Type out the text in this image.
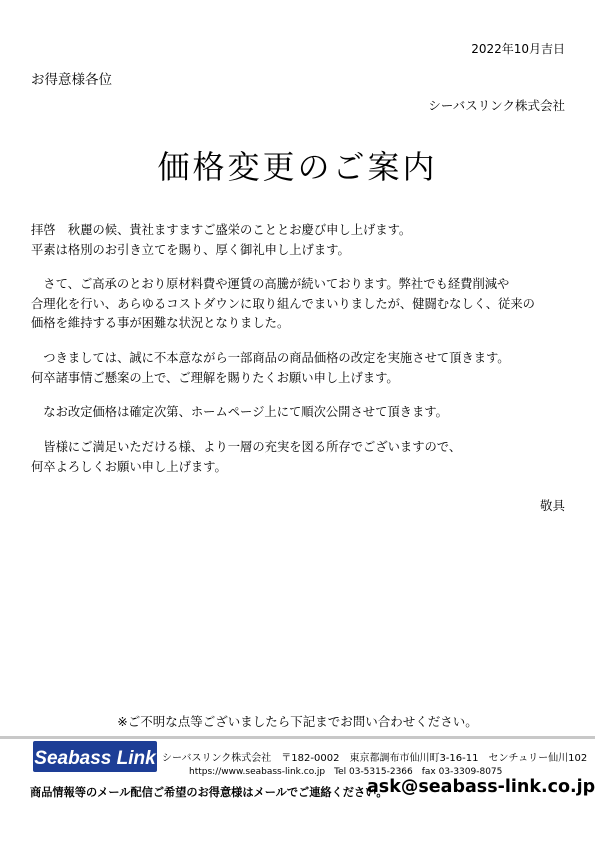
2022年10月吉日
お得意様各位
シーバスリンク株式会社
価格変更のご案内

拝啓　秋麗の候、貴社ますますご盛栄のこととお慶び申し上げます。

平素は格別のお引き立てを賜り、厚く御礼申し上げます。

　さて、ご高承のとおり原材料費や運賃の高騰が続いております。弊社でも経費削減や

合理化を行い、あらゆるコストダウンに取り組んでまいりましたが、健闘むなしく、従来の

価格を維持する事が困難な状況となりました。

　つきましては、誠に不本意ながら一部商品の商品価格の改定を実施させて頂きます。

何卒諸事情ご懸案の上で、ご理解を賜りたくお願い申し上げます。

　なお改定価格は確定次第、ホームページ上にて順次公開させて頂きます。

　皆様にご満足いただける様、より一層の充実を図る所存でございますので、

何卒よろしくお願い申し上げます。

敬具
※ご不明な点等ございましたら下記までお問い合わせください。
Seabass Link シーバスリンク株式会社　〒182-0002　東京都調布市仙川町3-16-11　センチュリー仙川102
https://www.seabass-link.co.jp　Tel 03-5315-2366　fax 03-3309-8075
商品情報等のメール配信ご希望のお得意様はメールでご連絡ください。
ask@seabass-link.co.jp
